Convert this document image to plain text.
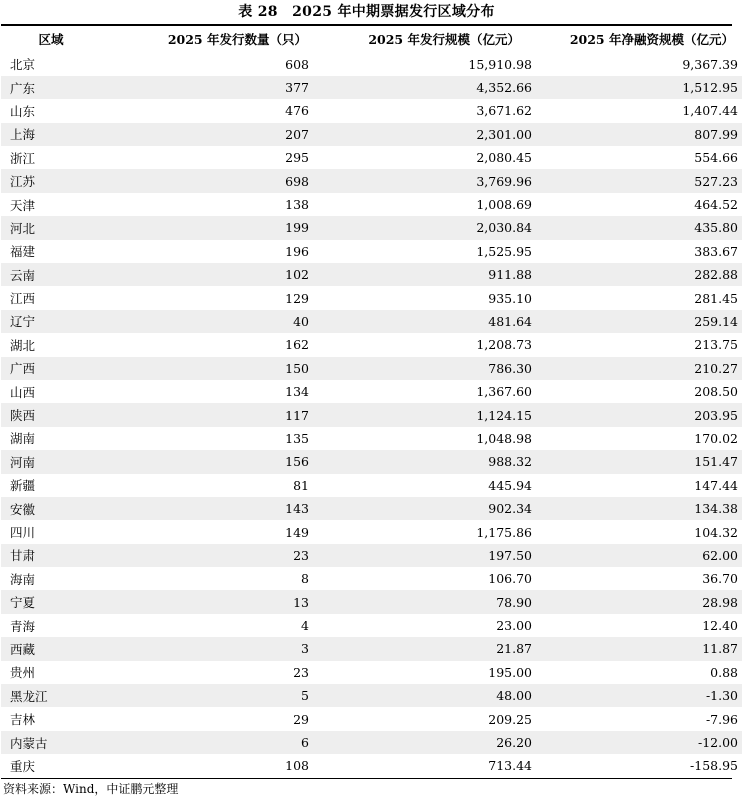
表 28　2025 年中期票据发行区域分布
区域	2025 年发行数量（只）	2025 年发行规模（亿元）	2025 年净融资规模（亿元）
北京	608	15,910.98	9,367.39
广东	377	4,352.66	1,512.95
山东	476	3,671.62	1,407.44
上海	207	2,301.00	807.99
浙江	295	2,080.45	554.66
江苏	698	3,769.96	527.23
天津	138	1,008.69	464.52
河北	199	2,030.84	435.80
福建	196	1,525.95	383.67
云南	102	911.88	282.88
江西	129	935.10	281.45
辽宁	40	481.64	259.14
湖北	162	1,208.73	213.75
广西	150	786.30	210.27
山西	134	1,367.60	208.50
陕西	117	1,124.15	203.95
湖南	135	1,048.98	170.02
河南	156	988.32	151.47
新疆	81	445.94	147.44
安徽	143	902.34	134.38
四川	149	1,175.86	104.32
甘肃	23	197.50	62.00
海南	8	106.70	36.70
宁夏	13	78.90	28.98
青海	4	23.00	12.40
西藏	3	21.87	11.87
贵州	23	195.00	0.88
黑龙江	5	48.00	-1.30
吉林	29	209.25	-7.96
内蒙古	6	26.20	-12.00
重庆	108	713.44	-158.95
资料来源：Wind，中证鹏元整理
